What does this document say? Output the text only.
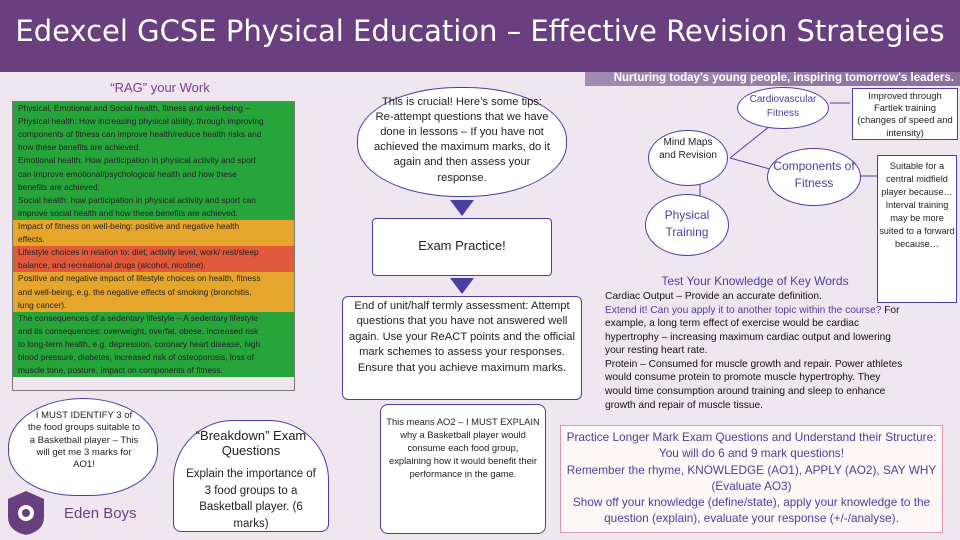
Edexcel GCSE Physical Education – Effective Revision Strategies
Nurturing today's young people, inspiring tomorrow's leaders.
“RAG” your Work
Physical, Emotional and Social health, fitness and well-being –
Physical health: How increasing physical ability, through improving
components of fitness can improve health/reduce health risks and
how these benefits are achieved.
Emotional health: How participation in physical activity and sport
can improve emotional/psychological health and how these
benefits are achieved.
Social health: how participation in physical activity and sport can
improve social health and how these benefits are achieved.
Impact of fitness on well-being: positive and negative health
effects.
Lifestyle choices in relation to: diet, activity level, work/ rest/sleep
balance, and recreational drugs (alcohol, nicotine).
Positive and negative impact of lifestyle choices on health, fitness
and well-being, e.g. the negative effects of smoking (bronchitis,
lung cancer).
The consequences of a sedentary lifestyle – A sedentary lifestyle
and its consequences: overweight, overfat, obese, increased risk
to long-term health, e.g. depression, coronary heart disease, high
blood pressure, diabetes, increased risk of osteoporosis, loss of
muscle tone, posture, impact on components of fitness.
I MUST IDENTIFY 3 of the food groups suitable to a Basketball player – This will get me 3 marks for AO1!
“Breakdown” Exam Questions
Explain the importance of 3 food groups to a Basketball player. (6 marks)
This is crucial! Here’s some tips: Re-attempt questions that we have done in lessons – If you have not achieved the maximum marks, do it again and then assess your response.
Exam Practice!
End of unit/half termly assessment: Attempt questions that you have not answered well again. Use your ReACT points and the official mark schemes to assess your responses. Ensure that you achieve maximum marks.
This means AO2 – I MUST EXPLAIN why a Basketball player would consume each food group, explaining how it would benefit their performance in the game.
Mind Maps and Revision
Physical Training
Cardiovascular Fitness
Components of Fitness
Improved through Fartlek training (changes of speed and intensity)
Suitable for a central midfield player because… Interval training may be more suited to a forward because…
Test Your Knowledge of Key Words
Cardiac Output – Provide an accurate definition.
Extend it! Can you apply it to another topic within the course? For example, a long term effect of exercise would be cardiac hypertrophy – increasing maximum cardiac output and lowering your resting heart rate.
Protein – Consumed for muscle growth and repair. Power athletes would consume protein to promote muscle hypertrophy. They would time consumption around training and sleep to enhance growth and repair of muscle tissue.
Practice Longer Mark Exam Questions and Understand their Structure: You will do 6 and 9 mark questions!
Remember the rhyme, KNOWLEDGE (AO1), APPLY (AO2), SAY WHY (Evaluate AO3)
Show off your knowledge (define/state), apply your knowledge to the question (explain), evaluate your response (+/-/analyse).
Eden Boys
